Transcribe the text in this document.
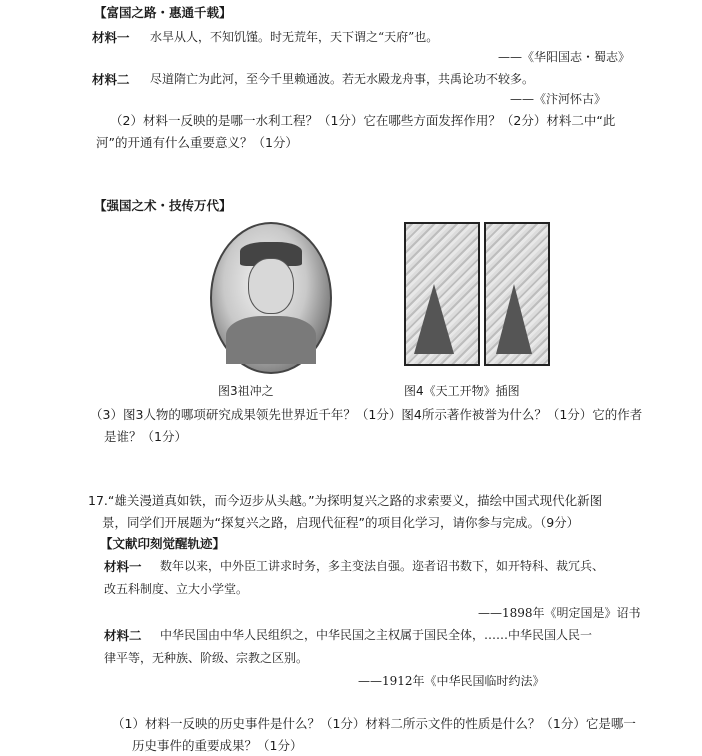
【富国之路・惠通千载】
材料一 水旱从人，不知饥馑。时无荒年，天下谓之“天府”也。
——《华阳国志・蜀志》
材料二 尽道隋亡为此河，至今千里赖通波。若无水殿龙舟事，共禹论功不较多。
——《汴河怀古》
（2）材料一反映的是哪一水利工程？（1分）它在哪些方面发挥作用？（2分）材料二中“此
河”的开通有什么重要意义？（1分）
【强国之术・技传万代】
图3祖冲之	图4《天工开物》插图
（3）图3人物的哪项研究成果领先世界近千年？（1分）图4所示著作被誉为什么？（1分）它的作者
是谁？（1分）
17.“雄关漫道真如铁，而今迈步从头越。”为探明复兴之路的求索要义，描绘中国式现代化新图
景，同学们开展题为“探复兴之路，启现代征程”的项目化学习，请你参与完成。（9分）
【文献印刻觉醒轨迹】
材料一 数年以来，中外臣工讲求时务，多主变法自强。迩者诏书数下，如开特科、裁冗兵、
改五科制度、立大小学堂。
——1898年《明定国是》诏书
材料二 中华民国由中华人民组织之，中华民国之主权属于国民全体，……中华民国人民一
律平等，无种族、阶级、宗教之区别。
——1912年《中华民国临时约法》
（1）材料一反映的历史事件是什么？（1分）材料二所示文件的性质是什么？（1分）它是哪一
历史事件的重要成果？（1分）
